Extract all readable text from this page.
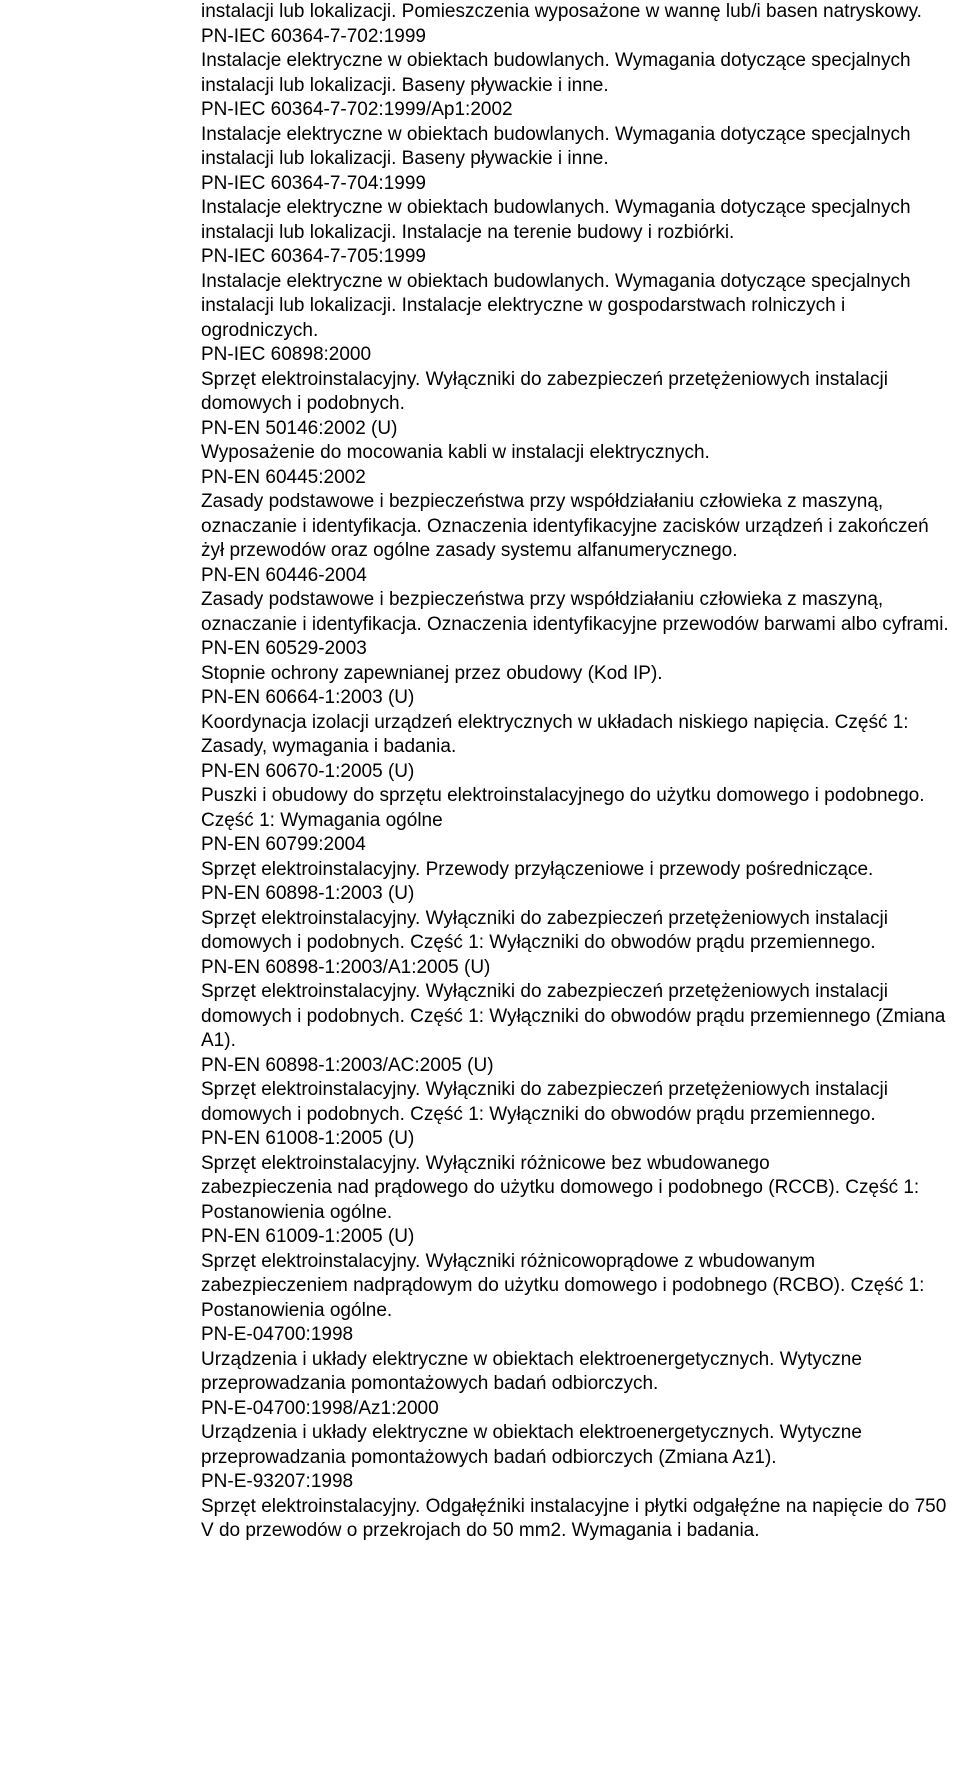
instalacji lub lokalizacji. Pomieszczenia wyposażone w wannę lub/i basen natryskowy.
PN-IEC 60364-7-702:1999
Instalacje elektryczne w obiektach budowlanych. Wymagania dotyczące specjalnych
instalacji lub lokalizacji. Baseny pływackie i inne.
PN-IEC 60364-7-702:1999/Ap1:2002
Instalacje elektryczne w obiektach budowlanych. Wymagania dotyczące specjalnych
instalacji lub lokalizacji. Baseny pływackie i inne.
PN-IEC 60364-7-704:1999
Instalacje elektryczne w obiektach budowlanych. Wymagania dotyczące specjalnych
instalacji lub lokalizacji. Instalacje na terenie budowy i rozbiórki.
PN-IEC 60364-7-705:1999
Instalacje elektryczne w obiektach budowlanych. Wymagania dotyczące specjalnych
instalacji lub lokalizacji. Instalacje elektryczne w gospodarstwach rolniczych i
ogrodniczych.
PN-IEC 60898:2000
Sprzęt elektroinstalacyjny. Wyłączniki do zabezpieczeń przetężeniowych instalacji
domowych i podobnych.
PN-EN 50146:2002 (U)
Wyposażenie do mocowania kabli w instalacji elektrycznych.
PN-EN 60445:2002
Zasady podstawowe i bezpieczeństwa przy współdziałaniu człowieka z maszyną,
oznaczanie i identyfikacja. Oznaczenia identyfikacyjne zacisków urządzeń i zakończeń
żył przewodów oraz ogólne zasady systemu alfanumerycznego.
PN-EN 60446-2004
Zasady podstawowe i bezpieczeństwa przy współdziałaniu człowieka z maszyną,
oznaczanie i identyfikacja. Oznaczenia identyfikacyjne przewodów barwami albo cyframi.
PN-EN 60529-2003
Stopnie ochrony zapewnianej przez obudowy (Kod IP).
PN-EN 60664-1:2003 (U)
Koordynacja izolacji urządzeń elektrycznych w układach niskiego napięcia. Część 1:
Zasady, wymagania i badania.
PN-EN 60670-1:2005 (U)
Puszki i obudowy do sprzętu elektroinstalacyjnego do użytku domowego i podobnego.
Część 1: Wymagania ogólne
PN-EN 60799:2004
Sprzęt elektroinstalacyjny. Przewody przyłączeniowe i przewody pośredniczące.
PN-EN 60898-1:2003 (U)
Sprzęt elektroinstalacyjny. Wyłączniki do zabezpieczeń przetężeniowych instalacji
domowych i podobnych. Część 1: Wyłączniki do obwodów prądu przemiennego.
PN-EN 60898-1:2003/A1:2005 (U)
Sprzęt elektroinstalacyjny. Wyłączniki do zabezpieczeń przetężeniowych instalacji
domowych i podobnych. Część 1: Wyłączniki do obwodów prądu przemiennego (Zmiana
A1).
PN-EN 60898-1:2003/AC:2005 (U)
Sprzęt elektroinstalacyjny. Wyłączniki do zabezpieczeń przetężeniowych instalacji
domowych i podobnych. Część 1: Wyłączniki do obwodów prądu przemiennego.
PN-EN 61008-1:2005 (U)
Sprzęt elektroinstalacyjny. Wyłączniki różnicowe bez wbudowanego
zabezpieczenia nad prądowego do użytku domowego i podobnego (RCCB). Część 1:
Postanowienia ogólne.
PN-EN 61009-1:2005 (U)
Sprzęt elektroinstalacyjny. Wyłączniki różnicowoprądowe z wbudowanym
zabezpieczeniem nadprądowym do użytku domowego i podobnego (RCBO). Część 1:
Postanowienia ogólne.
PN-E-04700:1998
Urządzenia i układy elektryczne w obiektach elektroenergetycznych. Wytyczne
przeprowadzania pomontażowych badań odbiorczych.
PN-E-04700:1998/Az1:2000
Urządzenia i układy elektryczne w obiektach elektroenergetycznych. Wytyczne
przeprowadzania pomontażowych badań odbiorczych (Zmiana Az1).
PN-E-93207:1998
Sprzęt elektroinstalacyjny. Odgałęźniki instalacyjne i płytki odgałęźne na napięcie do 750
V do przewodów o przekrojach do 50 mm2. Wymagania i badania.
